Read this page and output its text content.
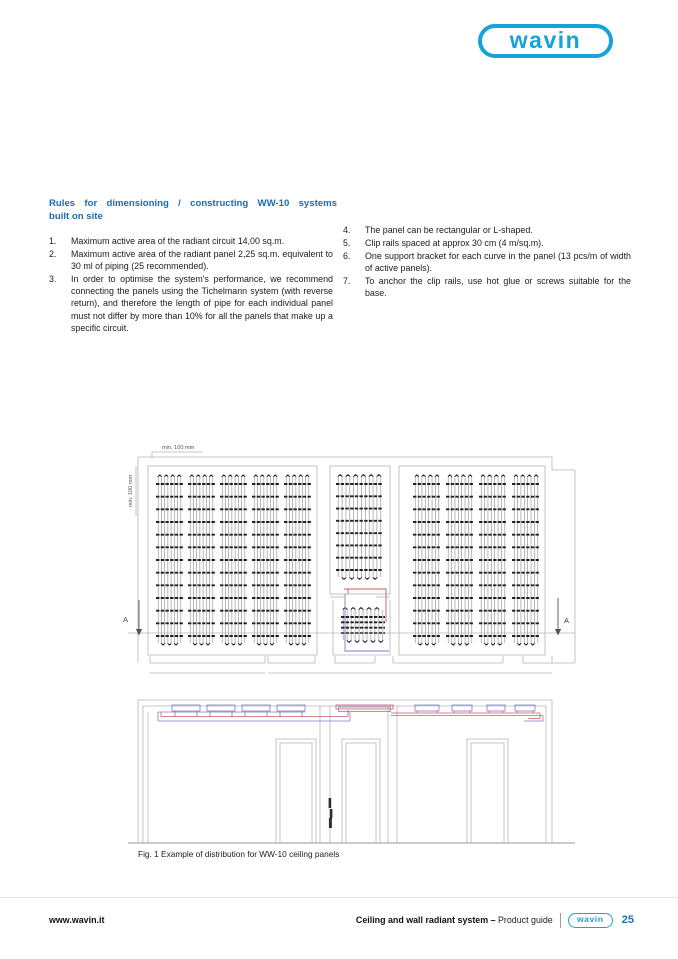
min. 100 mm
min. 100 mm
A	A
wavin
Rules for dimensioning / constructing WW-10 systems
built on site
1.	Maximum active area of the radiant circuit 14,00 sq.m.
2.	Maximum active area of the radiant panel 2,25 sq.m. equivalent to 30 ml of piping (25 recommended).
3.	In order to optimise the system's performance, we recommend connecting the panels using the Tichelmann system (with reverse return), and therefore the length of pipe for each individual panel must not differ by more than 10% for all the panels that make up a specific circuit.
4.	The panel can be rectangular or L-shaped.
5.	Clip rails spaced at approx 30 cm (4 m/sq.m).
6.	One support bracket for each curve in the panel (13 pcs/m of width of active panels).
7.	To anchor the clip rails, use hot glue or screws suitable for the base.
Fig. 1 Example of distribution for WW-10 ceiling panels
www.wavin.it	Ceiling and wall radiant system – Product guide	wavin 25
